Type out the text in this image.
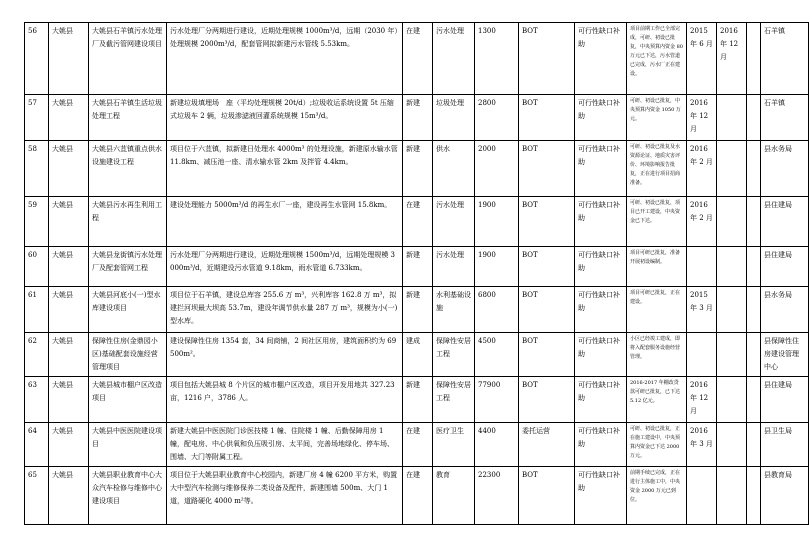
56	大姚县	大姚县石羊镇污水处理厂及截污管网建设项目	污水处理厂分两期进行建设，近期处理规模 1000m³/d，远期（2030 年）处理规模 2000m³/d，配套管网拟新建污水管线 5.53km。	在建	污水处理	1300	BOT	可行性缺口补助	项目前期工作已全部完成，可研、初设已批复，中央预算内资金 80 万元已下达，污水管道已完成，污水厂正在建设。	2015 年 6 月	2016 年 12 月		石羊镇
57	大姚县	大姚县石羊镇生活垃圾处理工程	新建垃圾填埋场　座（平均处理规模 20t/d）;垃圾收运系统设置 5t 压缩式垃圾车 2 辆，垃圾渗滤液回灌系统规模 15m³/d。	新建	垃圾处理	2800	BOT	可行性缺口补助	可研、初设已批复，中央预算内资金 1050 万元。	2016 年 12 月			石羊镇
58	大姚县	大姚县六苴镇重点供水设施建设工程	项目位于六苴镇，拟新建日处理水 4000m³ 的处理设施，新建原水输水管 11.8km、减压池一座、清水输水管 2km 及拌管 4.4km。	新建	供水	2000	BOT	可行性缺口补助	可研、初设已批复及水资源论证、地质灾害评价、环境影响报告批复，正在进行项目招商准备。	2016 年 2 月			县水务局
59	大姚县	大姚县污水再生利用工程	建设处理能力 5000m³/d 的再生水厂一座，建设再生水管网 15.8km。	在建	污水处理	1900	BOT	可行性缺口补助	可研、初设已批复，项目已开工建设，中央资金已下达。	2016 年 2 月			县住建局
60	大姚县	大姚县龙街镇污水处理厂及配套管网工程	污水处理厂分两期进行建设，近期处理规模 1500m³/d，远期处理规模 3000m³/d，近期建设污水管道 9.18km，雨水管道 6.733km。	新建	污水处理	1900	BOT	可行性缺口补助	项目可研已批复，准备开展初设编制。				县住建局
61	大姚县	大姚县河底小(一)型水库建设项目	项目位于石羊镇，建设总库容 255.6 万 m³，兴利库容 162.8 万 m³，拟建拦河坝最大坝高 53.7m，建设年调节供水量 287 万 m³，规模为小(一)型水库。	新建	水利基础设施	6800	BOT	可行性缺口补助	项目可研已批复，正在建设。	2015 年 3 月			县水务局
62	大姚县	保障性住房(金鼎园小区)基础配套设施经营管理项目	建设保障性住房 1354 套，34 间商铺，2 间社区用房，建筑面积约为 69500m²。	建成	保障性安居工程	4500	BOT	可行性缺口补助	小区已经竣工建成，即将入配套服务设施经营管理。				县保障性住房建设管理中心
63	大姚县	大姚县城市棚户区改造项目	项目包括大姚县城 8 个片区的城市棚户区改造，项目开发用地共 327.23 亩，1216 户，3786 人。	新建	保障性安居工程	77900	BOT	可行性缺口补助	2016-2017 年棚改贷款可研已批复，已下达 5.12 亿元。	2016 年 12 月			县住建局
64	大姚县	大姚县中医医院建设项目	新建大姚县中医医院门诊医技楼 1 幢、住院楼 1 幢、后勤保障用房 1 幢，配电房、中心供氧和负压吸引房、太平间，完善场地绿化、停车场、围墙、大门等附属工程。	在建	医疗卫生	4400	委托运营	可行性缺口补助	可研、初设已批复，正在施工建设中，中央预算内资金已下达 2000 万元。	2016 年 3 月			县卫生局
65	大姚县	大姚县职业教育中心大众汽车检修与维修中心建设项目	项目位于大姚县职业教育中心校园内，新建厂房 4 幢 6200 平方米，购置大中型汽车检测与维修保养二类设备及配件，新建围墙 500m、大门 1 道，道路硬化 4000 m²等。	在建	教育	22300	BOT	可行性缺口补助	前期手续已完成，正在进行主体施工中，中央资金 2000 万元已到位。				县教育局
